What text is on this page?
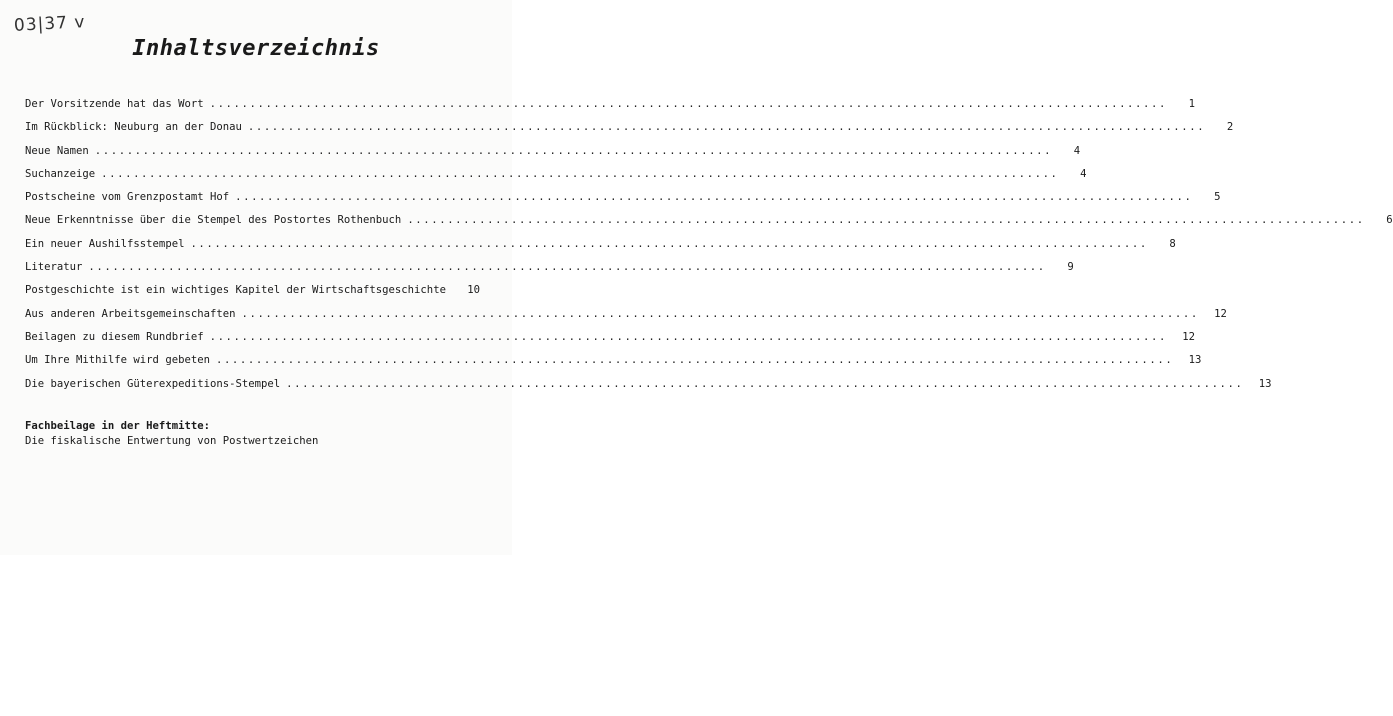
03|37 ⅴ
Inhaltsverzeichnis
Der Vorsitzende hat das Wort ........................................................................................................................	1
Im Rückblick: Neuburg an der Donau ........................................................................................................................	2
Neue Namen ........................................................................................................................	4
Suchanzeige ........................................................................................................................	4
Postscheine vom Grenzpostamt Hof ........................................................................................................................	5
Neue Erkenntnisse über die Stempel des Postortes Rothenbuch ........................................................................................................................	6
Ein neuer Aushilfsstempel ........................................................................................................................	8
Literatur ........................................................................................................................	9
Postgeschichte ist ein wichtiges Kapitel der Wirtschaftsgeschichte	10
Aus anderen Arbeitsgemeinschaften ........................................................................................................................	12
Beilagen zu diesem Rundbrief ........................................................................................................................	12
Um Ihre Mithilfe wird gebeten ........................................................................................................................	13
Die bayerischen Güterexpeditions-Stempel ........................................................................................................................	13
Fachbeilage in der Heftmitte:
Die fiskalische Entwertung von Postwertzeichen
